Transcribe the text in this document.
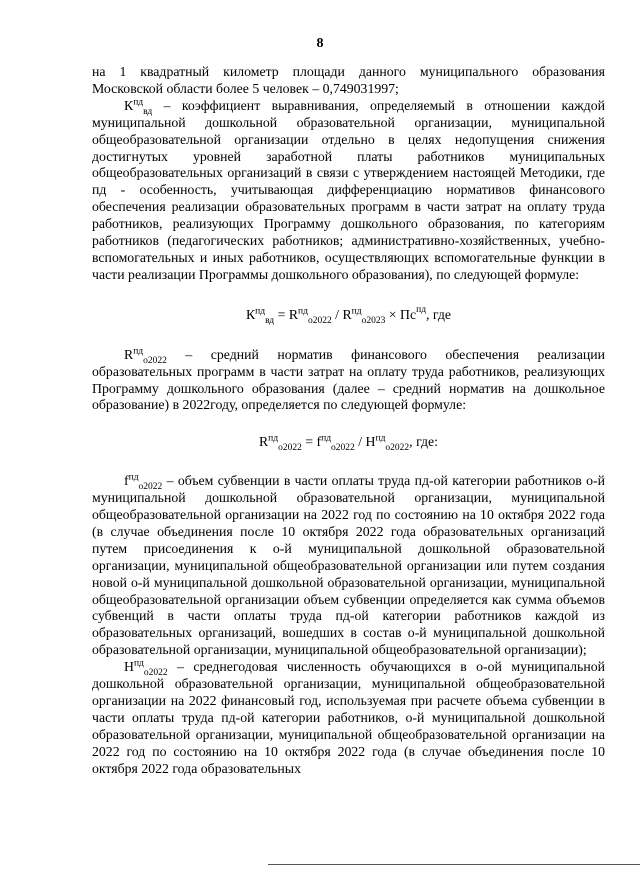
8

на 1 квадратный километр площади данного муниципального образования Московской области более 5 человек – 0,749031997;

$К^{пд}_{вд}$ – коэффициент выравнивания, определяемый в отношении каждой муниципальной дошкольной образовательной организации, муниципальной общеобразовательной организации отдельно в целях недопущения снижения достигнутых уровней заработной платы работников муниципальных общеобразовательных организаций в связи с утверждением настоящей Методики, где пд - особенность, учитывающая дифференциацию нормативов финансового обеспечения реализации образовательных программ в части затрат на оплату труда работников, реализующих Программу дошкольного образования, по категориям работников (педагогических работников; административно-хозяйственных, учебно-вспомогательных и иных работников, осуществляющих вспомогательные функции в части реализации Программы дошкольного образования), по следующей формуле:

$К^{пд}_{вд} = R^{пд}_{o2022} / R^{пд}_{o2023} \times Пс^{пд}$, где

$R^{пд}_{o2022}$ – средний норматив финансового обеспечения реализации образовательных программ в части затрат на оплату труда работников, реализующих Программу дошкольного образования (далее – средний норматив на дошкольное образование) в 2022году, определяется по следующей формуле:

$R^{пд}_{o2022} = f^{пд}_{o2022} / Н^{пд}_{o2022}$, где:

$f^{пд}_{o2022}$ – объем субвенции в части оплаты труда пд-ой категории работников о-й муниципальной дошкольной образовательной организации, муниципальной общеобразовательной организации на 2022 год по состоянию на 10 октября 2022 года (в случае объединения после 10 октября 2022 года образовательных организаций путем присоединения к о-й муниципальной дошкольной образовательной организации, муниципальной общеобразовательной организации или путем создания новой о-й муниципальной дошкольной образовательной организации, муниципальной общеобразовательной организации объем субвенции определяется как сумма объемов субвенций в части оплаты труда пд-ой категории работников каждой из образовательных организаций, вошедших в состав о-й муниципальной дошкольной образовательной организации, муниципальной общеобразовательной организации);

$Н^{пд}_{o2022}$ – среднегодовая численность обучающихся в о-ой муниципальной дошкольной образовательной организации, муниципальной общеобразовательной организации на 2022 финансовый год, используемая при расчете объема субвенции в части оплаты труда пд-ой категории работников, о-й муниципальной дошкольной образовательной организации, муниципальной общеобразовательной организации на 2022 год по состоянию на 10 октября 2022 года (в случае объединения после 10 октября 2022 года образовательных
